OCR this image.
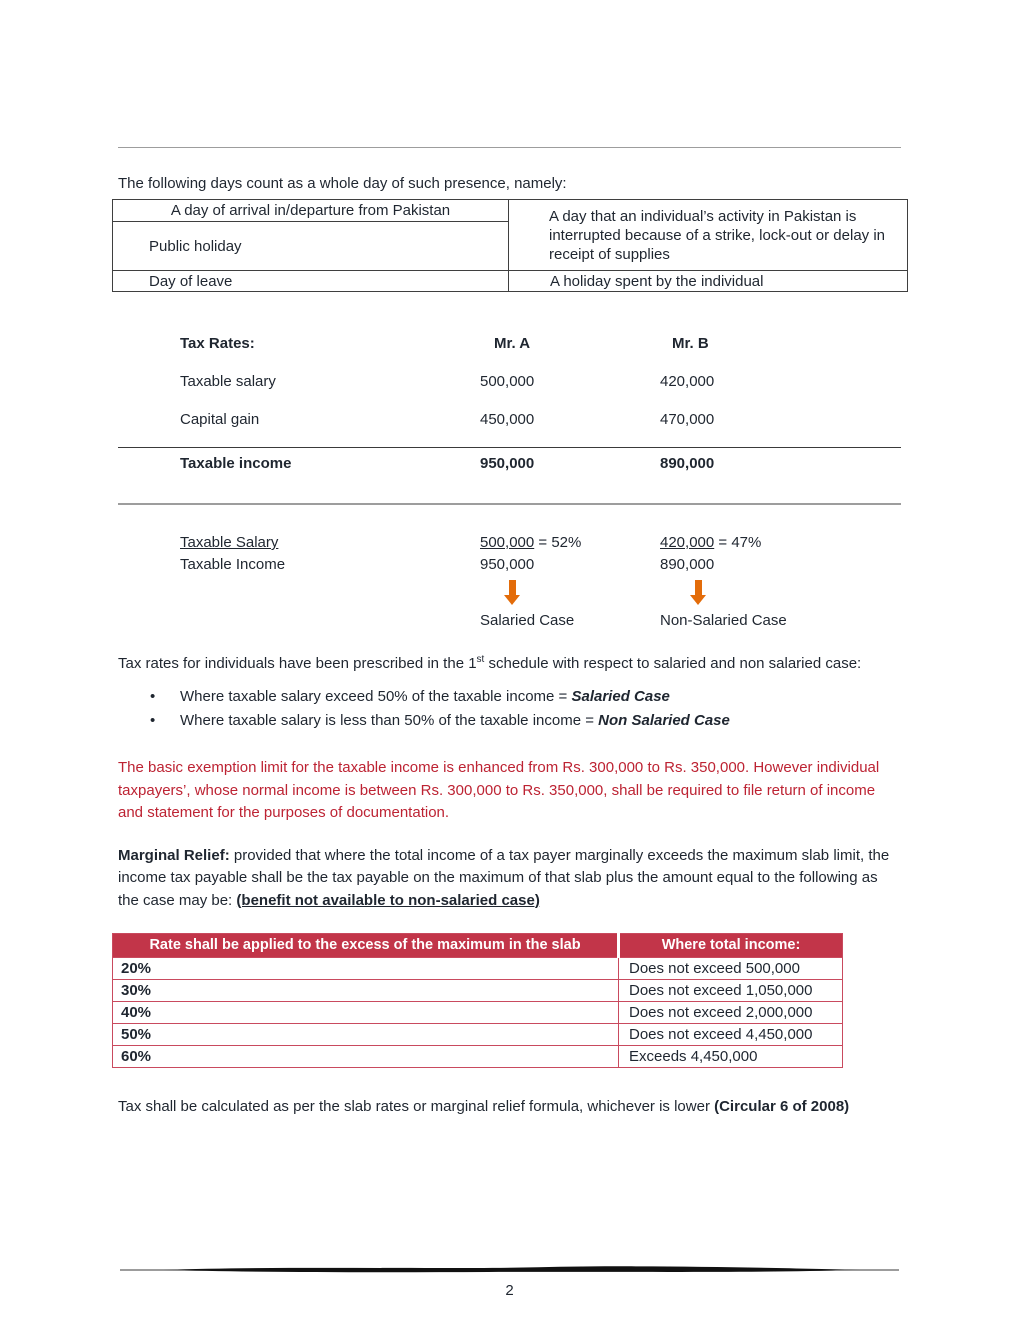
The following days count as a whole day of such presence, namely:

A day of arrival in/departure from Pakistan	A day that an individual’s activity in Pakistan is interrupted because of a strike, lock-out or delay in receipt of supplies
Public holiday	
Day of leave	A holiday spent by the individual
Tax Rates:	Mr. A	Mr. B
Taxable salary	500,000	420,000
Capital gain	450,000	470,000
Taxable income	950,000	890,000
Taxable Salary	500,000 = 52%	420,000 = 47%
Taxable Income	950,000	890,000
Salaried Case	Non-Salaried Case

Tax rates for individuals have been prescribed in the 1st schedule with respect to salaried and non salaried case:

•
Where taxable salary exceed 50% of the taxable income = Salaried Case
•
Where taxable salary is less than 50% of the taxable income = Non Salaried Case

The basic exemption limit for the taxable income is enhanced from Rs. 300,000 to Rs. 350,000. However individual taxpayers’, whose normal income is between Rs. 300,000 to Rs. 350,000, shall be required to file return of income and statement for the purposes of documentation.

Marginal Relief: provided that where the total income of a tax payer marginally exceeds the maximum slab limit, the income tax payable shall be the tax payable on the maximum of that slab plus the amount equal to the following as the case may be: (benefit not available to non-salaried case)

Rate shall be applied to the excess of the maximum in the slab	Where total income:
20%	Does not exceed 500,000
30%	Does not exceed 1,050,000
40%	Does not exceed 2,000,000
50%	Does not exceed 4,450,000
60%	Exceeds 4,450,000

Tax shall be calculated as per the slab rates or marginal relief formula, whichever is lower (Circular 6 of 2008)

2
